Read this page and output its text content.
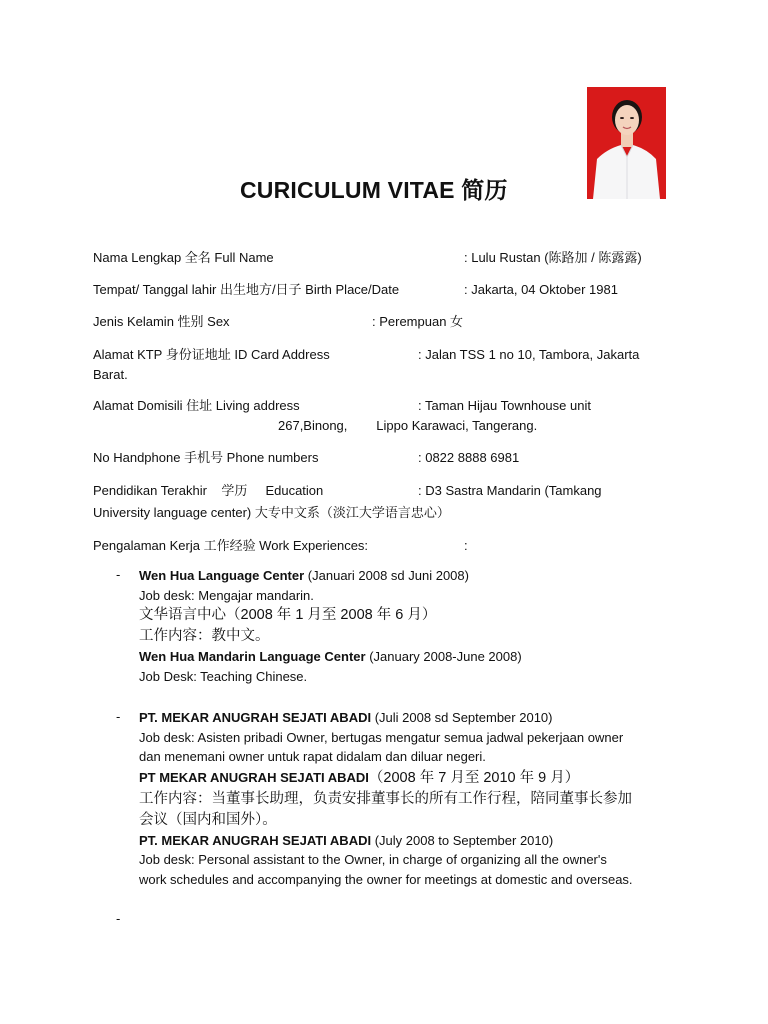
CURICULUM VITAE 简历
Nama Lengkap 全名 Full Name	: Lulu Rustan (陈路加 / 陈露露)
Tempat/ Tanggal lahir 出生地方/日子 Birth Place/Date	: Jakarta, 04 Oktober 1981
Jenis Kelamin 性别 Sex	: Perempuan 女
Alamat KTP 身份证地址 ID Card Address	: Jalan TSS 1 no 10, Tambora, Jakarta
Barat.
Alamat Domisili 住址 Living address	: Taman Hijau Townhouse unit
267,Binong,        Lippo Karawaci, Tangerang.
No Handphone 手机号 Phone numbers	: 0822 8888 6981
Pendidikan Terakhir    学历     Education	: D3 Sastra Mandarin (Tamkang
University language center) 大专中文系（淡江大学语言忠心）
Pengalaman Kerja 工作经验 Work Experiences:	:
- Wen Hua Language Center (Januari 2008 sd Juni 2008)
Job desk: Mengajar mandarin.
文华语言中心（2008 年 1 月至 2008 年 6 月）
工作内容：教中文。
Wen Hua Mandarin Language Center (January 2008-June 2008)
Job Desk: Teaching Chinese.
- PT. MEKAR ANUGRAH SEJATI ABADI (Juli 2008 sd September 2010)
Job desk: Asisten pribadi Owner, bertugas mengatur semua jadwal pekerjaan owner
dan menemani owner untuk rapat didalam dan diluar negeri.
PT MEKAR ANUGRAH SEJATI ABADI（2008 年 7 月至 2010 年 9 月）
工作内容：当董事长助理，负责安排董事长的所有工作行程，陪同董事长参加
会议（国内和国外）。
PT. MEKAR ANUGRAH SEJATI ABADI (July 2008 to September 2010)
Job desk: Personal assistant to the Owner, in charge of organizing all the owner's
work schedules and accompanying the owner for meetings at domestic and overseas.
-
